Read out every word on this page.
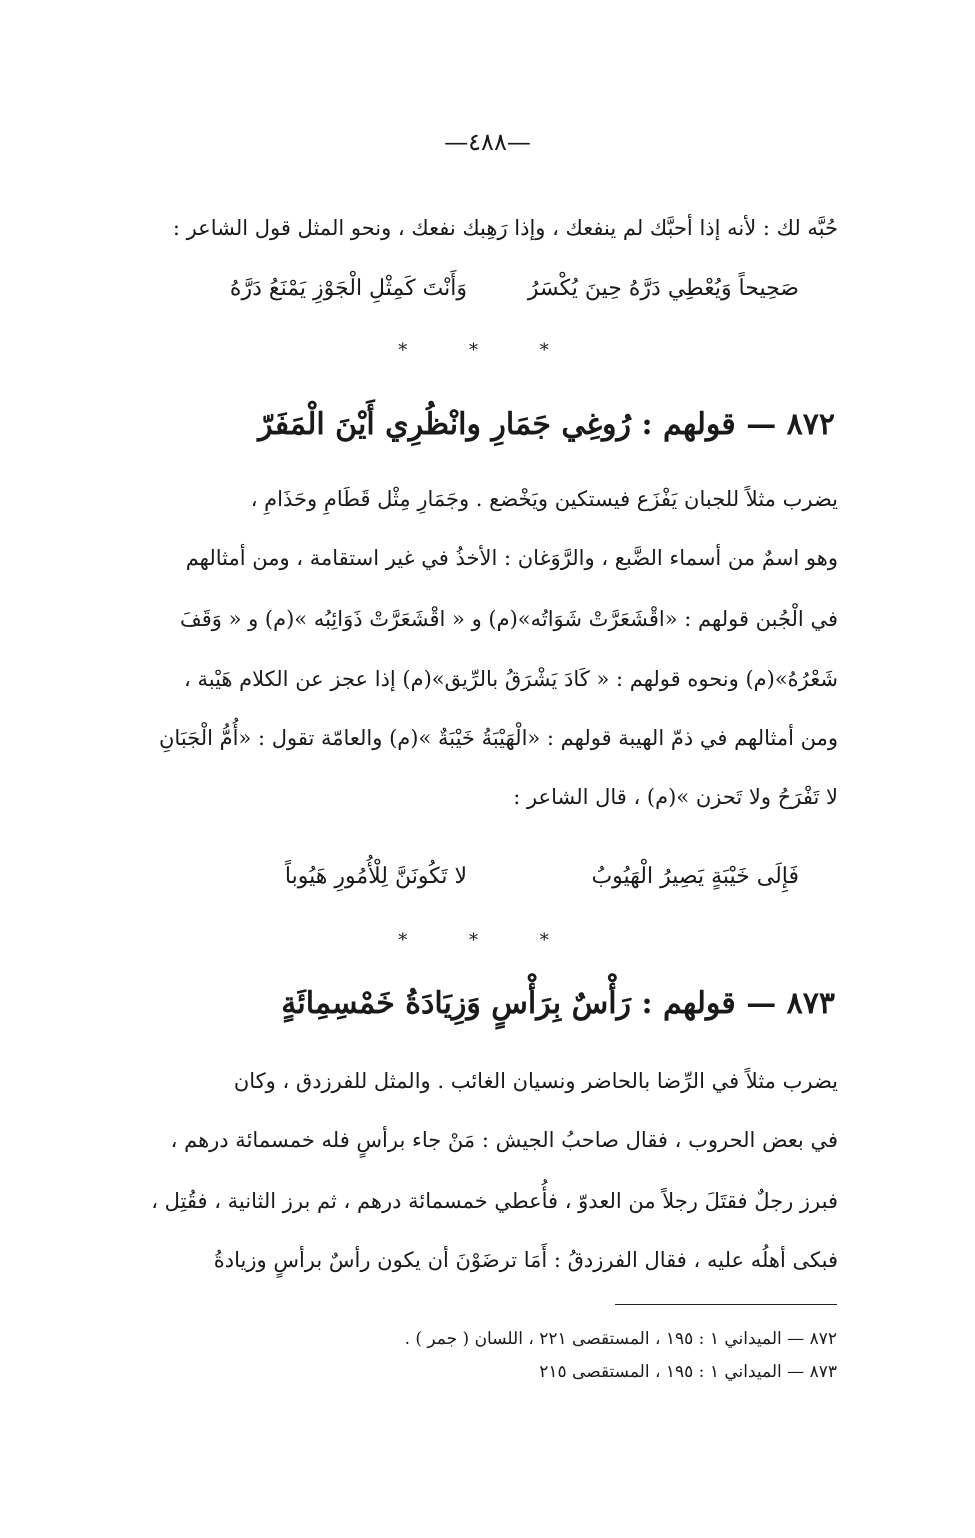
—٤٨٨—
حُبَّه لك : لأنه إذا أحبَّك لم ينفعك ، وإذا رَهِبك نفعك ، ونحو المثل قول الشاعر :
وَأَنْتَ كَمِثْلِ الْجَوْزِ يَمْنَعُ دَرَّهُ	صَحِيحاً وَيُعْطِي دَرَّهُ حِينَ يُكْسَرُ
* * *
٨٧٢ — قولهم : رُوغِي جَمَارِ وانْظُرِي أَيْنَ الْمَفَرّ
يضرب مثلاً للجبان يَفْزَع فيستكين ويَخْضع . وجَمَارِ مِثْل قَطَامِ وحَذَامِ ،
وهو اسمٌ من أسماء الضَّبع ، والرَّوَغان : الأخذُ في غير استقامة ، ومن أمثالهم
في الْجُبن قولهم : «اقْشَعَرَّتْ شَوَاتُه»(م) و « اقْشَعَرَّتْ ذَوَائِبُه »(م) و « وَقَفَ
شَعْرُهُ»(م) ونحوه قولهم : « كَادَ يَشْرَقُ بالرِّيق»(م) إذا عجز عن الكلام هَيْبة ،
ومن أمثالهم في ذمّ الهيبة قولهم : «الْهَيْبَةُ خَيْبَةٌ »(م) والعامّة تقول : «أُمُّ الْجَبَانِ
لا تَفْرَحُ ولا تَحزن »(م) ، قال الشاعر :
لا تَكُونَنَّ لِلْأُمُورِ هَيُوباً	فَإِلَى خَيْبَةٍ يَصِيرُ الْهَيُوبُ
* * *
٨٧٣ — قولهم : رَأْسٌ بِرَأْسٍ وَزِيَادَةُ خَمْسِمِائَةٍ
يضرب مثلاً في الرِّضا بالحاضر ونسيان الغائب . والمثل للفرزدق ، وكان
في بعض الحروب ، فقال صاحبُ الجيش : مَنْ جاء برأسٍ فله خمسمائة درهم ،
فبرز رجلٌ فقتَلَ رجلاً من العدوّ ، فأُعطي خمسمائة درهم ، ثم برز الثانية ، فقُتِل ،
فبكى أهلُه عليه ، فقال الفرزدقُ : أَمَا ترضَوْنَ أن يكون رأسٌ برأسٍ وزيادةُ
٨٧٢ — الميداني ١ : ١٩٥ ، المستقصى ٢٢١ ، اللسان ( جمر ) .
٨٧٣ — الميداني ١ : ١٩٥ ، المستقصى ٢١٥
